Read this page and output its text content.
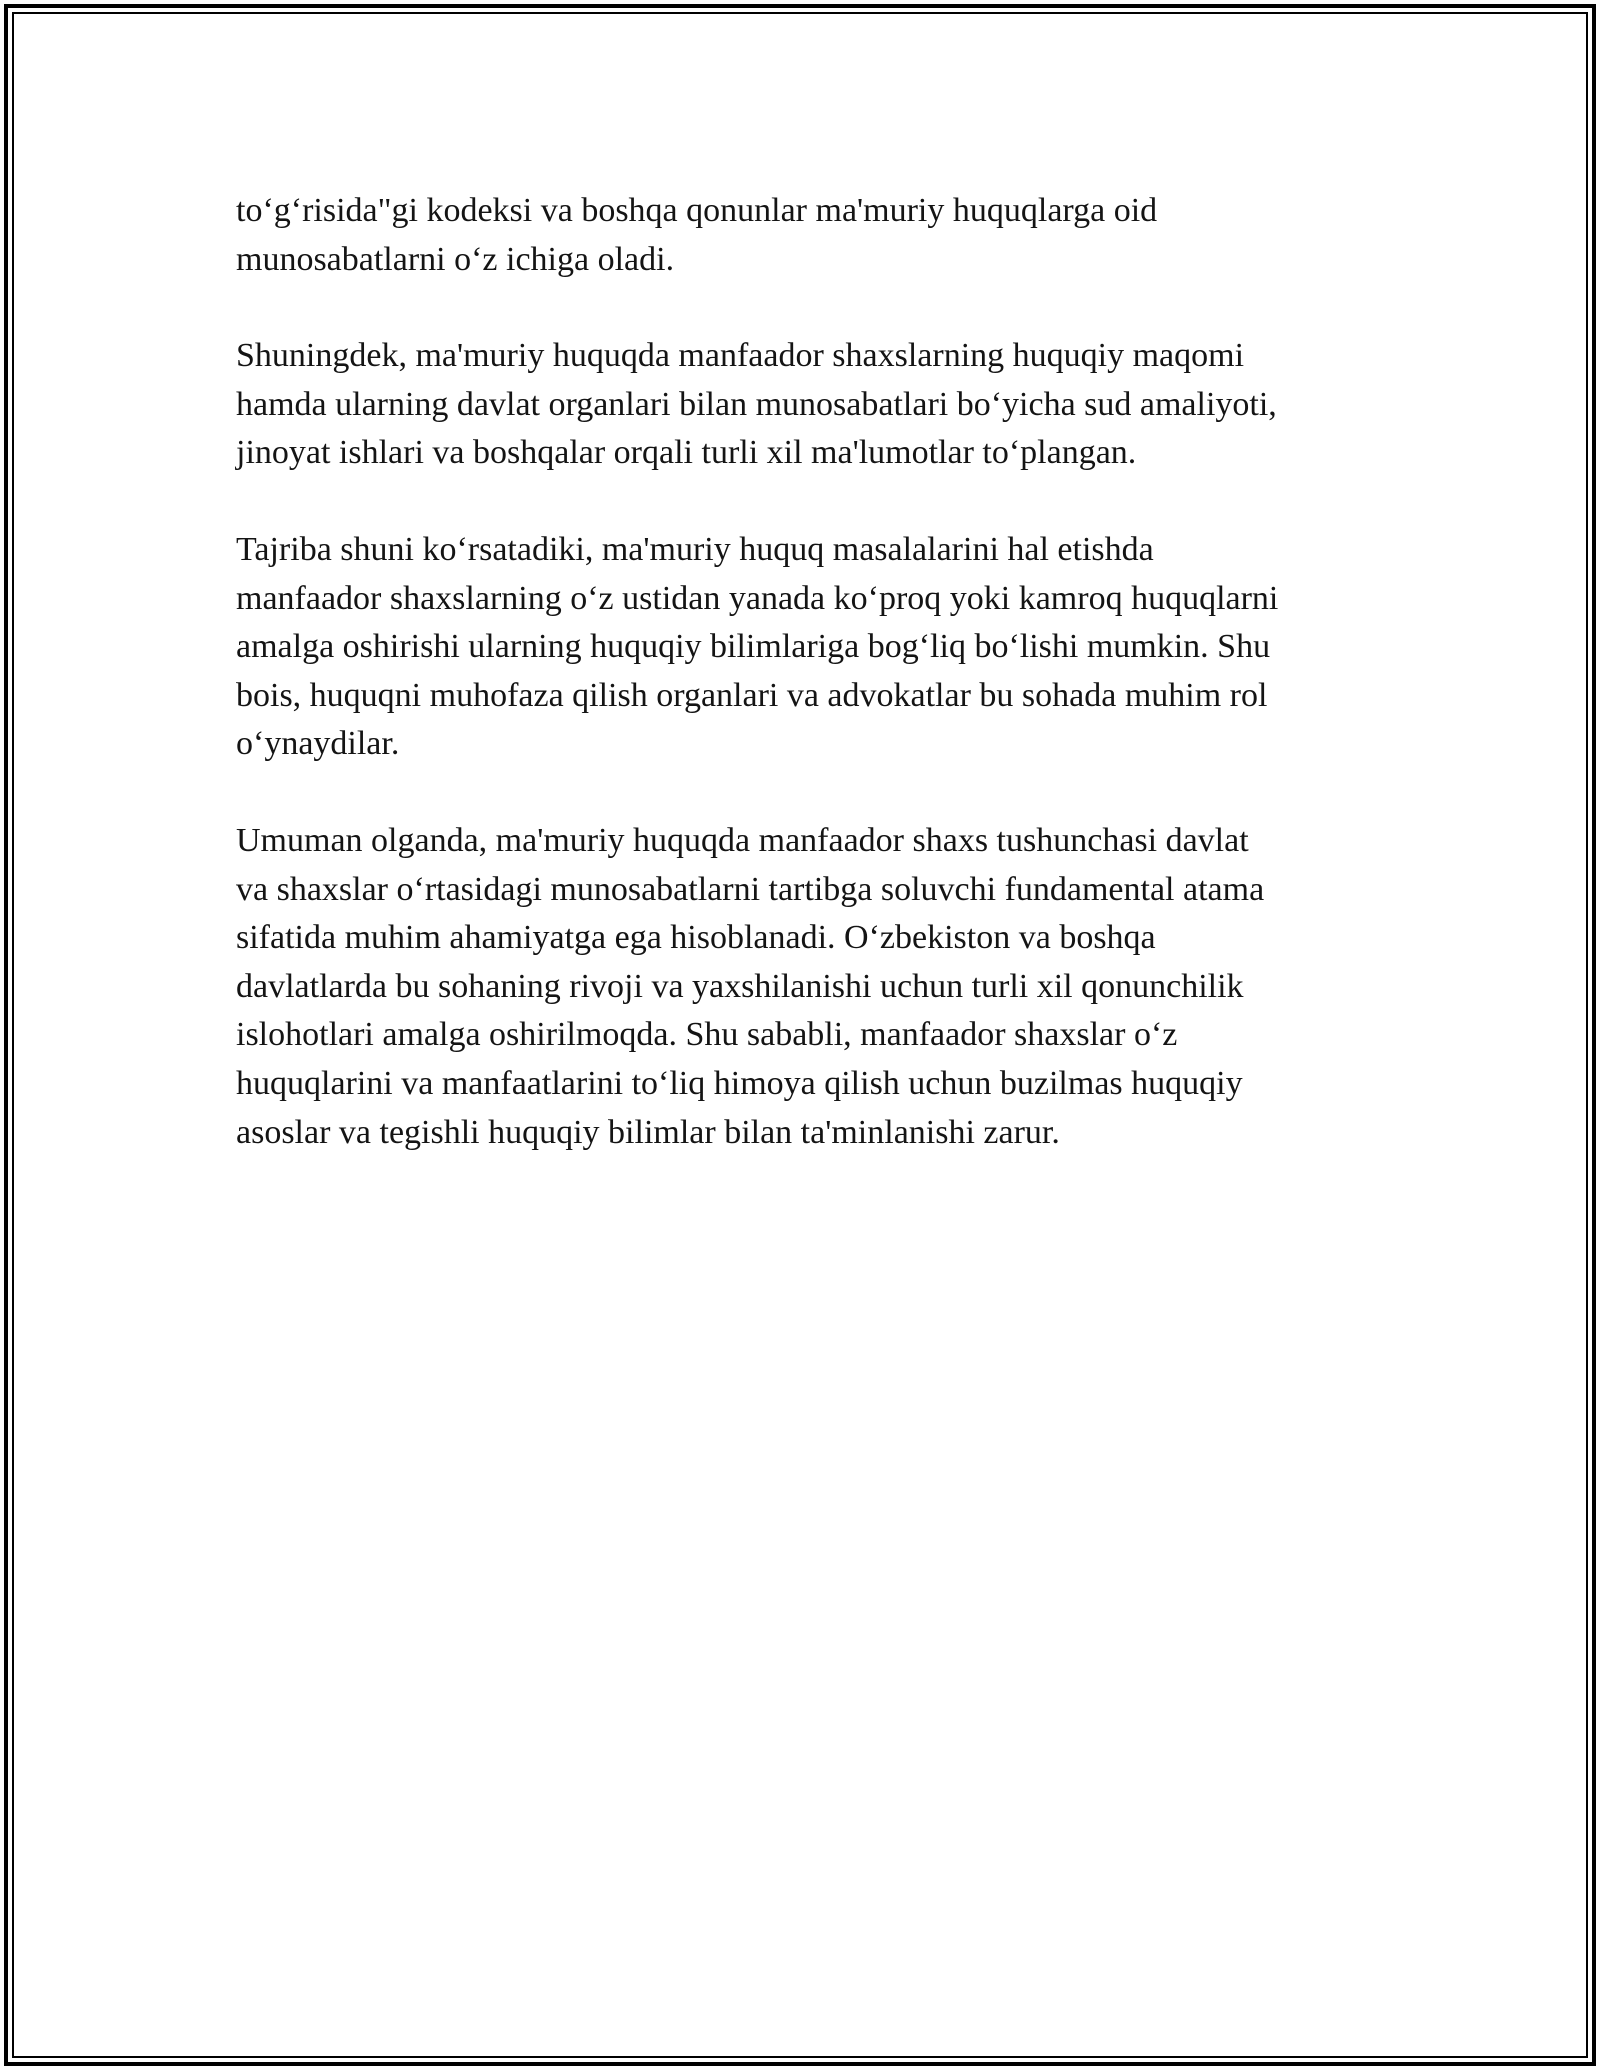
to‘g‘risida"gi kodeksi va boshqa qonunlar ma'muriy huquqlarga oid
munosabatlarni o‘z ichiga oladi.

Shuningdek, ma'muriy huquqda manfaador shaxslarning huquqiy maqomi
hamda ularning davlat organlari bilan munosabatlari bo‘yicha sud amaliyoti,
jinoyat ishlari va boshqalar orqali turli xil ma'lumotlar to‘plangan.

Tajriba shuni ko‘rsatadiki, ma'muriy huquq masalalarini hal etishda
manfaador shaxslarning o‘z ustidan yanada ko‘proq yoki kamroq huquqlarni
amalga oshirishi ularning huquqiy bilimlariga bog‘liq bo‘lishi mumkin. Shu
bois, huquqni muhofaza qilish organlari va advokatlar bu sohada muhim rol
o‘ynaydilar.

Umuman olganda, ma'muriy huquqda manfaador shaxs tushunchasi davlat
va shaxslar o‘rtasidagi munosabatlarni tartibga soluvchi fundamental atama
sifatida muhim ahamiyatga ega hisoblanadi. O‘zbekiston va boshqa
davlatlarda bu sohaning rivoji va yaxshilanishi uchun turli xil qonunchilik
islohotlari amalga oshirilmoqda. Shu sababli, manfaador shaxslar o‘z
huquqlarini va manfaatlarini to‘liq himoya qilish uchun buzilmas huquqiy
asoslar va tegishli huquqiy bilimlar bilan ta'minlanishi zarur.
